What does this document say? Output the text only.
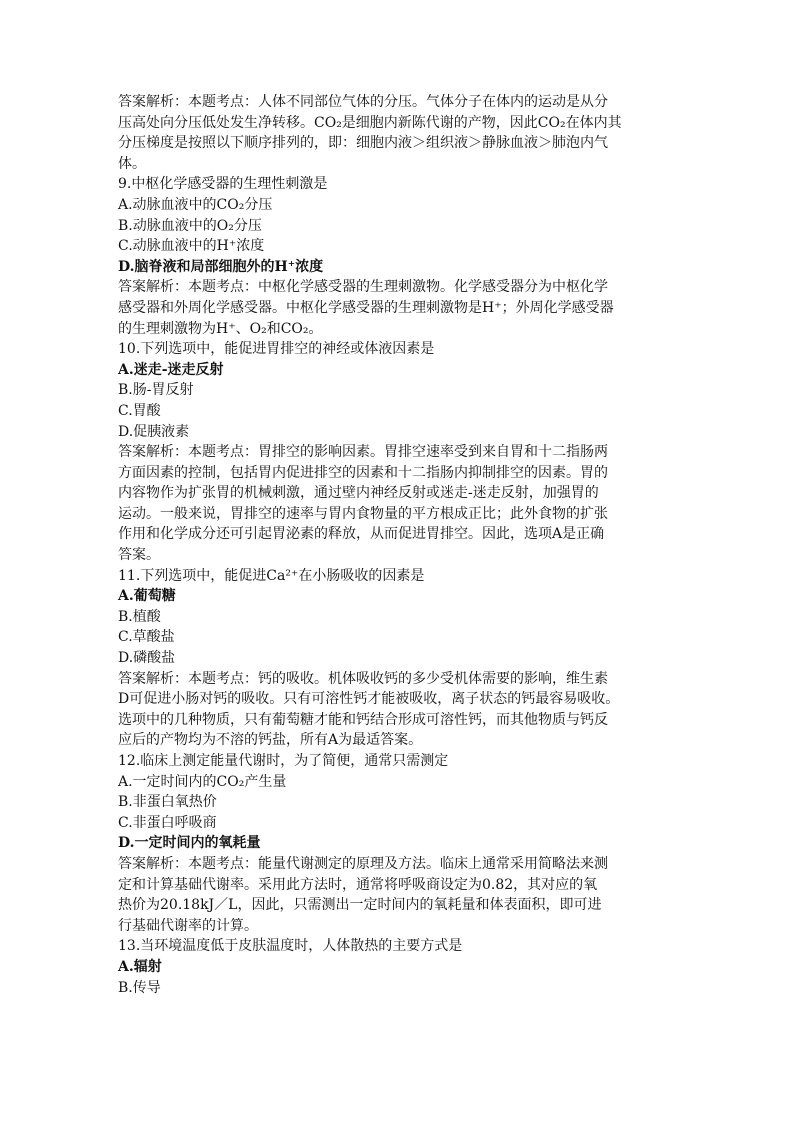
答案解析：本题考点：人体不同部位气体的分压。气体分子在体内的运动是从分
压高处向分压低处发生净转移。CO₂是细胞内新陈代谢的产物，因此CO₂在体内其
分压梯度是按照以下顺序排列的，即：细胞内液＞组织液＞静脉血液＞肺泡内气
体。
9.中枢化学感受器的生理性刺激是
A.动脉血液中的CO₂分压
B.动脉血液中的O₂分压
C.动脉血液中的H⁺浓度
D.脑脊液和局部细胞外的H⁺浓度
答案解析：本题考点：中枢化学感受器的生理刺激物。化学感受器分为中枢化学
感受器和外周化学感受器。中枢化学感受器的生理刺激物是H⁺；外周化学感受器
的生理刺激物为H⁺、O₂和CO₂。
10.下列选项中，能促进胃排空的神经或体液因素是
A.迷走-迷走反射
B.肠-胃反射
C.胃酸
D.促胰液素
答案解析：本题考点：胃排空的影响因素。胃排空速率受到来自胃和十二指肠两
方面因素的控制，包括胃内促进排空的因素和十二指肠内抑制排空的因素。胃的
内容物作为扩张胃的机械刺激，通过壁内神经反射或迷走-迷走反射，加强胃的
运动。一般来说，胃排空的速率与胃内食物量的平方根成正比；此外食物的扩张
作用和化学成分还可引起胃泌素的释放，从而促进胃排空。因此，选项A是正确
答案。
11.下列选项中，能促进Ca²⁺在小肠吸收的因素是
A.葡萄糖
B.植酸
C.草酸盐
D.磷酸盐
答案解析：本题考点：钙的吸收。机体吸收钙的多少受机体需要的影响，维生素
D可促进小肠对钙的吸收。只有可溶性钙才能被吸收，离子状态的钙最容易吸收。
选项中的几种物质，只有葡萄糖才能和钙结合形成可溶性钙，而其他物质与钙反
应后的产物均为不溶的钙盐，所有A为最适答案。
12.临床上测定能量代谢时，为了简便，通常只需测定
A.一定时间内的CO₂产生量
B.非蛋白氧热价
C.非蛋白呼吸商
D.一定时间内的氧耗量
答案解析：本题考点：能量代谢测定的原理及方法。临床上通常采用简略法来测
定和计算基础代谢率。采用此方法时，通常将呼吸商设定为0.82，其对应的氧
热价为20.18kJ／L，因此，只需测出一定时间内的氧耗量和体表面积，即可进
行基础代谢率的计算。
13.当环境温度低于皮肤温度时，人体散热的主要方式是
A.辐射
B.传导
